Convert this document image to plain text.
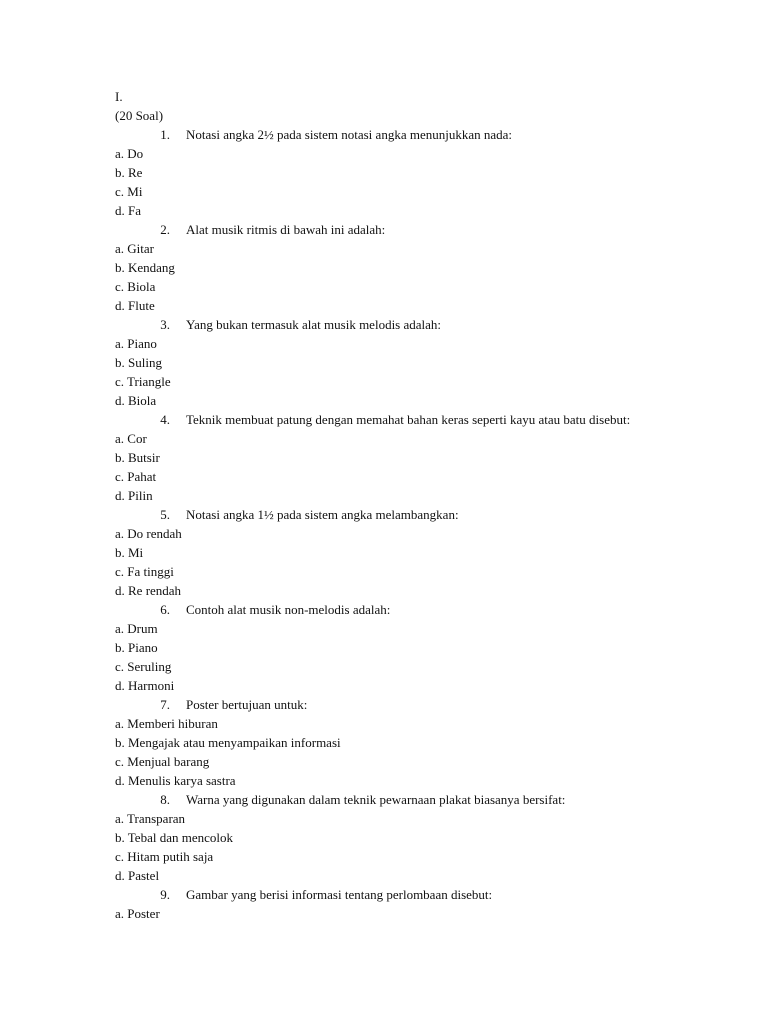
I.
(20 Soal)
1. Notasi angka 2½ pada sistem notasi angka menunjukkan nada:
a. Do
b. Re
c. Mi
d. Fa
2. Alat musik ritmis di bawah ini adalah:
a. Gitar
b. Kendang
c. Biola
d. Flute
3. Yang bukan termasuk alat musik melodis adalah:
a. Piano
b. Suling
c. Triangle
d. Biola
4. Teknik membuat patung dengan memahat bahan keras seperti kayu atau batu disebut:
a. Cor
b. Butsir
c. Pahat
d. Pilin
5. Notasi angka 1½ pada sistem angka melambangkan:
a. Do rendah
b. Mi
c. Fa tinggi
d. Re rendah
6. Contoh alat musik non-melodis adalah:
a. Drum
b. Piano
c. Seruling
d. Harmoni
7. Poster bertujuan untuk:
a. Memberi hiburan
b. Mengajak atau menyampaikan informasi
c. Menjual barang
d. Menulis karya sastra
8. Warna yang digunakan dalam teknik pewarnaan plakat biasanya bersifat:
a. Transparan
b. Tebal dan mencolok
c. Hitam putih saja
d. Pastel
9. Gambar yang berisi informasi tentang perlombaan disebut:
a. Poster
